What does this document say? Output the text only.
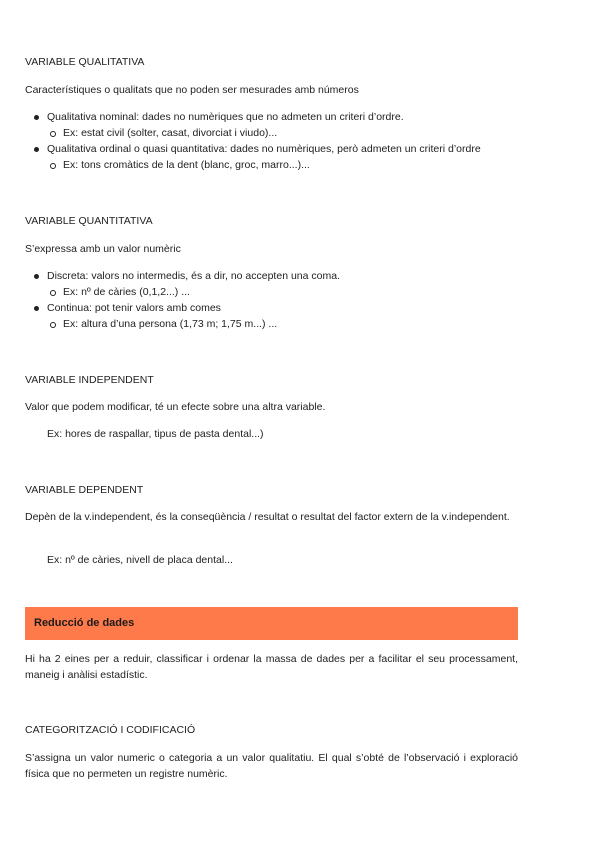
VARIABLE QUALITATIVA

Característiques o qualitats que no poden ser mesurades amb números

Qualitativa nominal: dades no numèriques que no admeten un criteri d’ordre.
Ex: estat civil (solter, casat, divorciat i viudo)...
Qualitativa ordinal o quasi quantitativa: dades no numèriques, però admeten un criteri d’ordre
Ex: tons cromàtics de la dent (blanc, groc, marro...)...

VARIABLE QUANTITATIVA

S’expressa amb un valor numèric

Discreta: valors no intermedis, és a dir, no accepten una coma.
Ex: nº de càries (0,1,2...) ...
Continua: pot tenir valors amb comes
Ex: altura d’una persona (1,73 m; 1,75 m...) ...

VARIABLE INDEPENDENT

Valor que podem modificar, té un efecte sobre una altra variable.

Ex: hores de raspallar, tipus de pasta dental...)

VARIABLE DEPENDENT

Depèn de la v.independent, és la conseqüència / resultat o resultat del factor extern de la v.independent.

Ex: nº de càries, nivell de placa dental...

Reducció de dades

Hi ha 2 eines per a reduir, classificar i ordenar la massa de dades per a facilitar el seu processament, maneig i anàlisi estadístic.

CATEGORITZACIÓ I CODIFICACIÓ

S’assigna un valor numeric o categoria a un valor qualitatiu. El qual s’obté de l’observació i exploració física que no permeten un registre numèric.
